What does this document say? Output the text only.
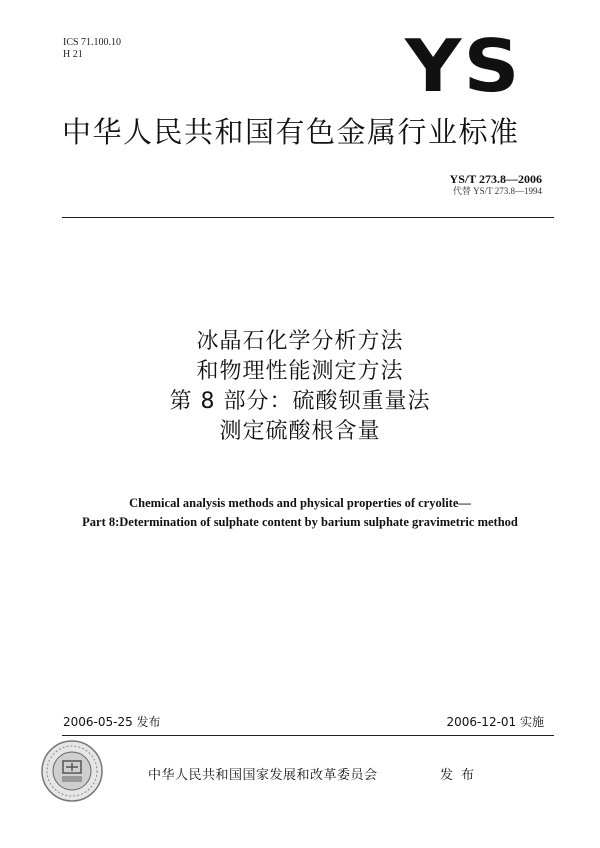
ICS 71.100.10
H 21	YS
中华人民共和国有色金属行业标准
YS/T 273.8—2006
代替 YS/T 273.8—1994
冰晶石化学分析方法
和物理性能测定方法
第 8 部分：硫酸钡重量法
测定硫酸根含量
Chemical analysis methods and physical properties of cryolite—
Part 8:Determination of sulphate content by barium sulphate gravimetric method
2006-05-25 发布	2006-12-01 实施
中华人民共和国国家发展和改革委员会	发布
